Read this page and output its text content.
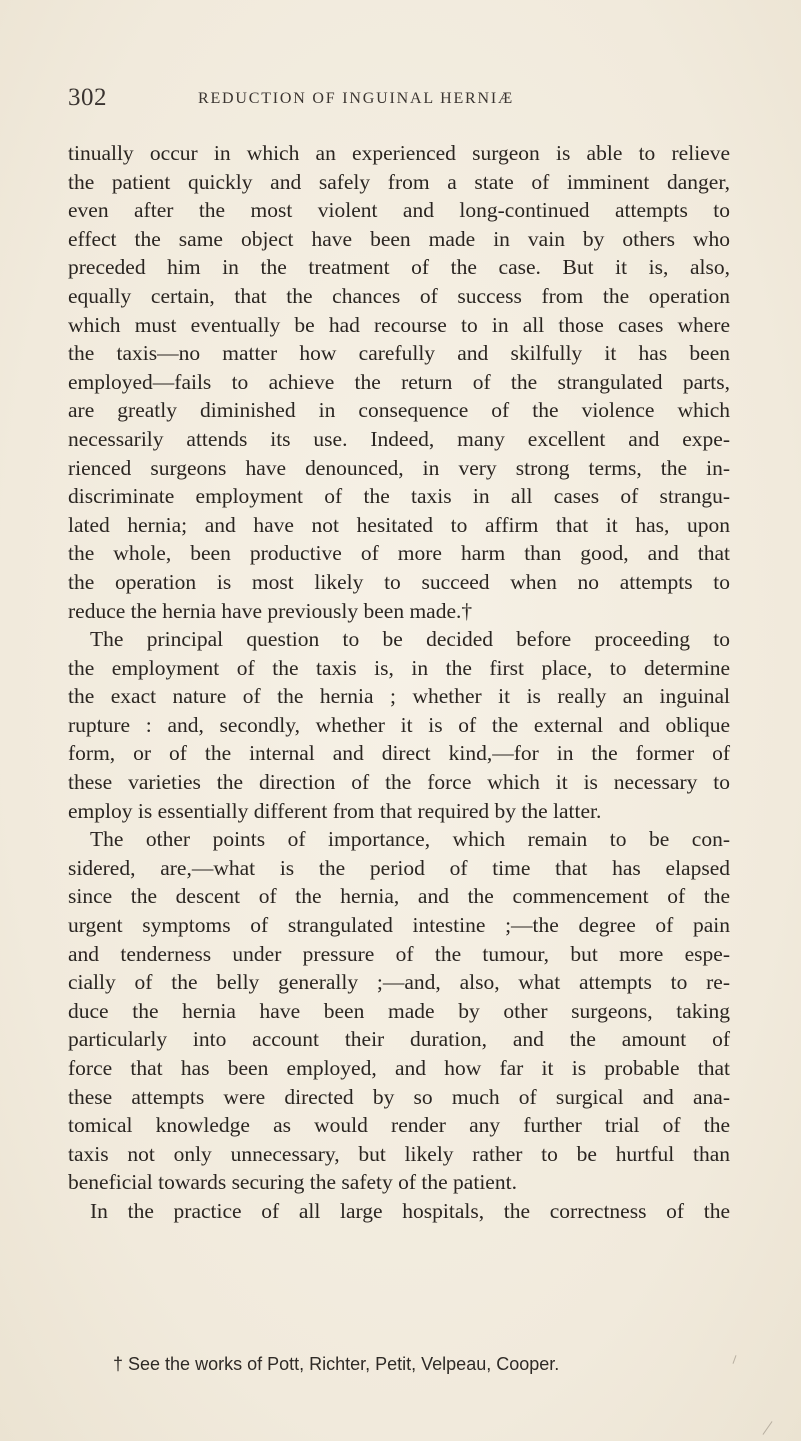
302	REDUCTION OF INGUINAL HERNIÆ
tinually occur in which an experienced surgeon is able to relieve
the patient quickly and safely from a state of imminent danger,
even after the most violent and long-continued attempts to
effect the same object have been made in vain by others who
preceded him in the treatment of the case. But it is, also,
equally certain, that the chances of success from the operation
which must eventually be had recourse to in all those cases where
the taxis—no matter how carefully and skilfully it has been
employed—fails to achieve the return of the strangulated parts,
are greatly diminished in consequence of the violence which
necessarily attends its use. Indeed, many excellent and expe-
rienced surgeons have denounced, in very strong terms, the in-
discriminate employment of the taxis in all cases of strangu-
lated hernia; and have not hesitated to affirm that it has, upon
the whole, been productive of more harm than good, and that
the operation is most likely to succeed when no attempts to
reduce the hernia have previously been made.†
The principal question to be decided before proceeding to
the employment of the taxis is, in the first place, to determine
the exact nature of the hernia ; whether it is really an inguinal
rupture : and, secondly, whether it is of the external and oblique
form, or of the internal and direct kind,—for in the former of
these varieties the direction of the force which it is necessary to
employ is essentially different from that required by the latter.
The other points of importance, which remain to be con-
sidered, are,—what is the period of time that has elapsed
since the descent of the hernia, and the commencement of the
urgent symptoms of strangulated intestine ;—the degree of pain
and tenderness under pressure of the tumour, but more espe-
cially of the belly generally ;—and, also, what attempts to re-
duce the hernia have been made by other surgeons, taking
particularly into account their duration, and the amount of
force that has been employed, and how far it is probable that
these attempts were directed by so much of surgical and ana-
tomical knowledge as would render any further trial of the
taxis not only unnecessary, but likely rather to be hurtful than
beneficial towards securing the safety of the patient.
In the practice of all large hospitals, the correctness of the
† See the works of Pott, Richter, Petit, Velpeau, Cooper.
